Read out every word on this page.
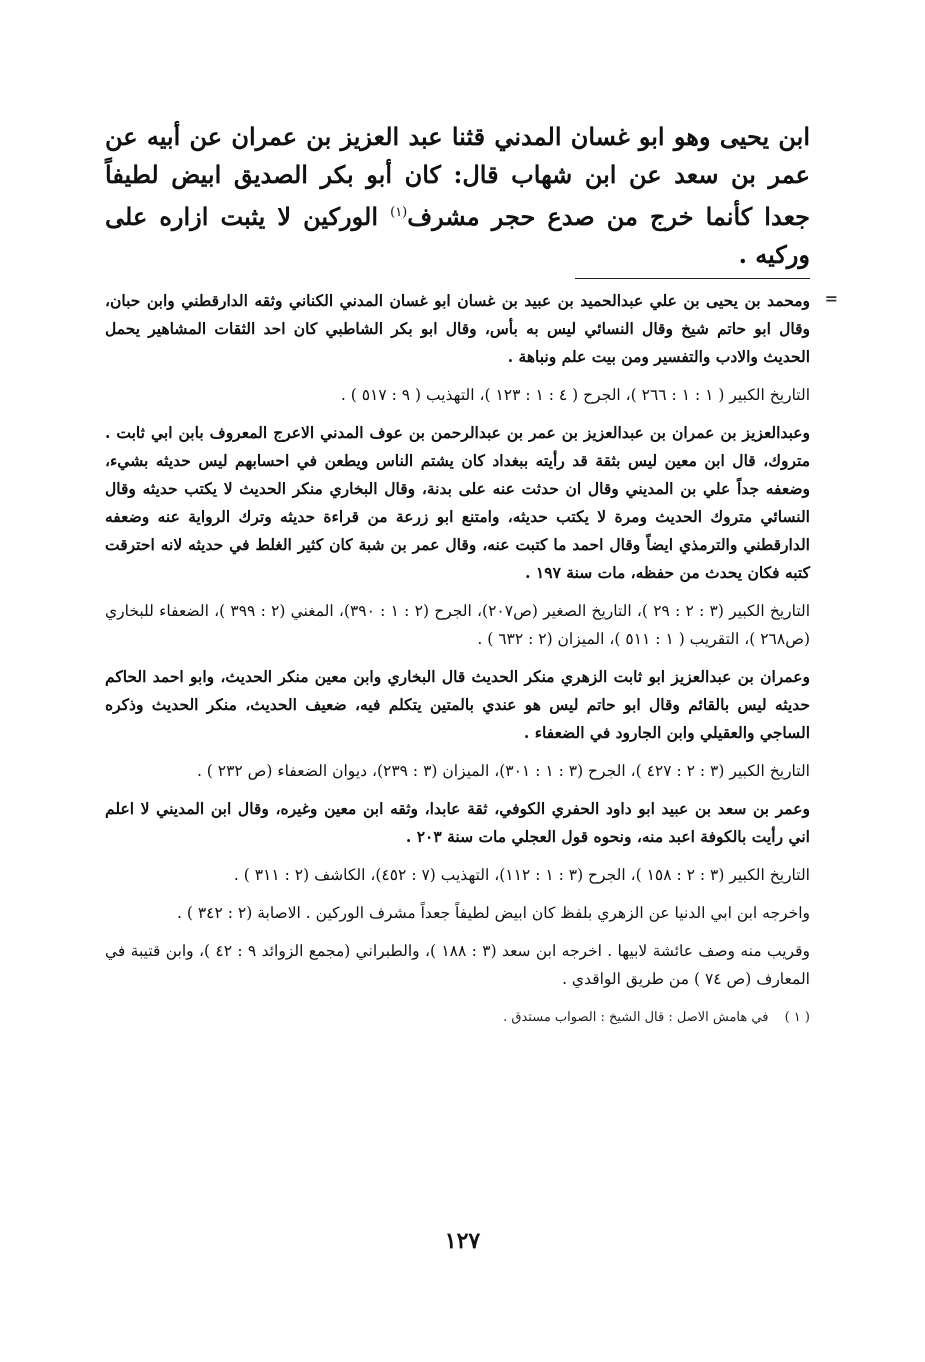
ابن يحيى وهو ابو غسان المدني قثنا عبد العزيز بن عمران عن أبيه عن عمر بن سعد عن ابن شهاب قال: كان أبو بكر الصديق ابيض لطيفاً جعدا كأنما خرج من صدع حجر مشرف$^{(١)}$ الوركين لا يثبت ازاره على وركيه .

=

ومحمد بن يحيى بن علي عبدالحميد بن عبيد بن غسان ابو غسان المدني الكناني وثقه الدارقطني وابن حبان، وقال ابو حاتم شيخ وقال النسائي ليس به بأس، وقال ابو بكر الشاطبي كان احد الثقات المشاهير يحمل الحديث والادب والتفسير ومن بيت علم ونباهة .

التاريخ الكبير ( ١ : ١ : ٢٦٦ )، الجرح ( ٤ : ١ : ١٢٣ )، التهذيب ( ٩ : ٥١٧ ) .

وعبدالعزيز بن عمران بن عبدالعزيز بن عمر بن عبدالرحمن بن عوف المدني الاعرج المعروف بابن ابي ثابت . متروك، قال ابن معين ليس بثقة قد رأيته ببغداد كان يشتم الناس ويطعن في احسابهم ليس حديثه بشيء، وضعفه جداً علي بن المديني وقال ان حدثت عنه على بدنة، وقال البخاري منكر الحديث لا يكتب حديثه وقال النسائي متروك الحديث ومرة لا يكتب حديثه، وامتنع ابو زرعة من قراءة حديثه وترك الرواية عنه وضعفه الدارقطني والترمذي ايضاً وقال احمد ما كتبت عنه، وقال عمر بن شبة كان كثير الغلط في حديثه لانه احترقت كتبه فكان يحدث من حفظه، مات سنة ١٩٧ .

التاريخ الكبير (٣ : ٢ : ٢٩ )، التاريخ الصغير (ص٢٠٧)، الجرح (٢ : ١ : ٣٩٠)، المغني (٢ : ٣٩٩ )، الضعفاء للبخاري (ص٢٦٨ )، التقريب ( ١ : ٥١١ )، الميزان (٢ : ٦٣٢ ) .

وعمران بن عبدالعزيز ابو ثابت الزهري منكر الحديث قال البخاري وابن معين منكر الحديث، وابو احمد الحاكم حديثه ليس بالقائم وقال ابو حاتم ليس هو عندي بالمتين يتكلم فيه، ضعيف الحديث، منكر الحديث وذكره الساجي والعقيلي وابن الجارود في الضعفاء .

التاريخ الكبير (٣ : ٢ : ٤٢٧ )، الجرح (٣ : ١ : ٣٠١)، الميزان (٣ : ٢٣٩)، ديوان الضعفاء (ص ٢٣٢ ) .

وعمر بن سعد بن عبيد ابو داود الحفري الكوفي، ثقة عابدا، وثقه ابن معين وغيره، وقال ابن المديني لا اعلم اني رأيت بالكوفة اعبد منه، ونحوه قول العجلي مات سنة ٢٠٣ .

التاريخ الكبير (٣ : ٢ : ١٥٨ )، الجرح (٣ : ١ : ١١٢)، التهذيب (٧ : ٤٥٢)، الكاشف (٢ : ٣١١ ) .

واخرجه ابن ابي الدنيا عن الزهري بلفظ كان ابيض لطيفاً جعداً مشرف الوركين . الاصابة (٢ : ٣٤٢ ) .

وقريب منه وصف عائشة لابيها . اخرجه ابن سعد (٣ : ١٨٨ )، والطبراني (مجمع الزوائد ٩ : ٤٢ )، وابن قتيبة في المعارف (ص ٧٤ ) من طريق الواقدي .

( ١ ) في هامش الاصل : قال الشيخ : الصواب مستدق .
١٢٧
